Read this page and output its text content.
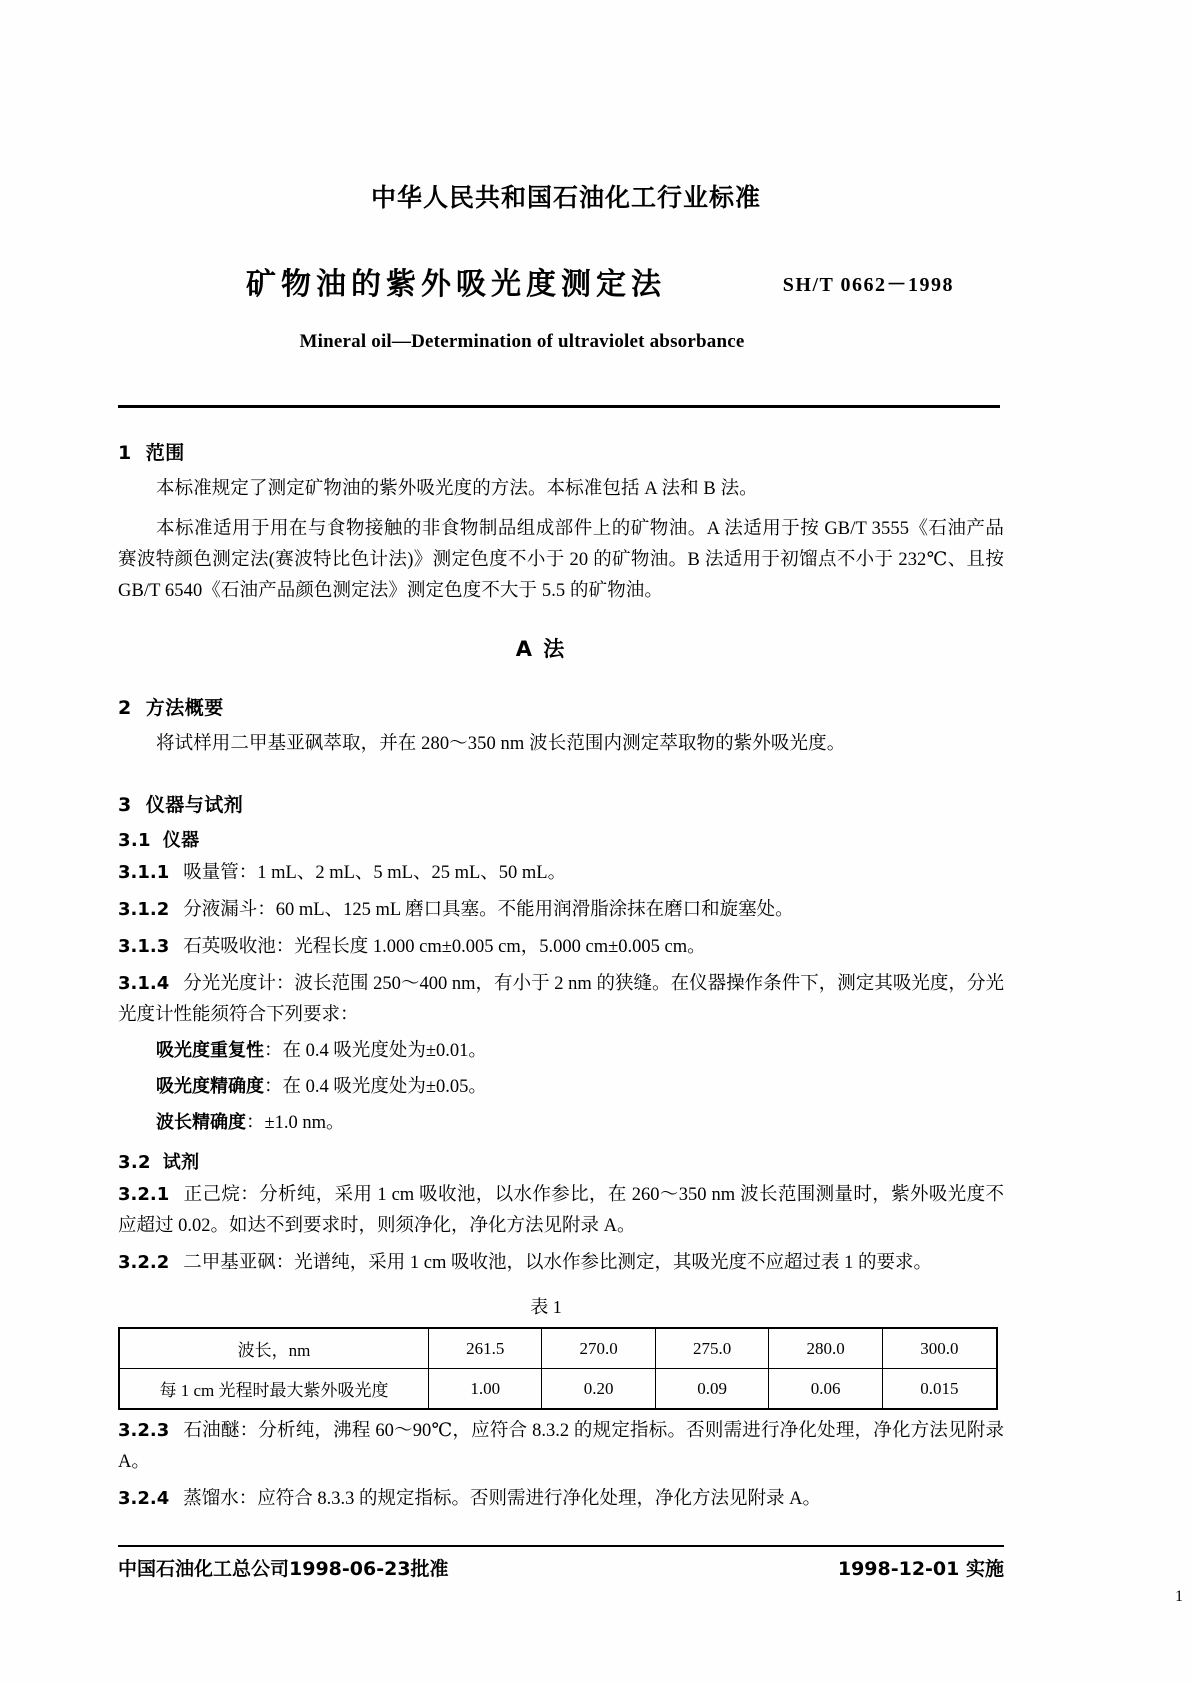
中华人民共和国石油化工行业标准
矿物油的紫外吸光度测定法	SH/T 0662－1998
Mineral oil—Determination of ultraviolet absorbance
1 范围
本标准规定了测定矿物油的紫外吸光度的方法。本标准包括 A 法和 B 法。
本标准适用于用在与食物接触的非食物制品组成部件上的矿物油。A 法适用于按 GB/T 3555《石油产品赛波特颜色测定法(赛波特比色计法)》测定色度不小于 20 的矿物油。B 法适用于初馏点不小于 232℃、且按 GB/T 6540《石油产品颜色测定法》测定色度不大于 5.5 的矿物油。
A 法
2 方法概要
将试样用二甲基亚砜萃取，并在 280～350 nm 波长范围内测定萃取物的紫外吸光度。
3 仪器与试剂
3.1 仪器
3.1.1 吸量管：1 mL、2 mL、5 mL、25 mL、50 mL。
3.1.2 分液漏斗：60 mL、125 mL 磨口具塞。不能用润滑脂涂抹在磨口和旋塞处。
3.1.3 石英吸收池：光程长度 1.000 cm±0.005 cm，5.000 cm±0.005 cm。
3.1.4 分光光度计：波长范围 250～400 nm，有小于 2 nm 的狭缝。在仪器操作条件下，测定其吸光度，分光光度计性能须符合下列要求：
吸光度重复性：在 0.4 吸光度处为±0.01。
吸光度精确度：在 0.4 吸光度处为±0.05。
波长精确度：±1.0 nm。
3.2 试剂
3.2.1 正己烷：分析纯，采用 1 cm 吸收池，以水作参比，在 260～350 nm 波长范围测量时，紫外吸光度不应超过 0.02。如达不到要求时，则须净化，净化方法见附录 A。
3.2.2 二甲基亚砜：光谱纯，采用 1 cm 吸收池，以水作参比测定，其吸光度不应超过表 1 的要求。
表 1
波长，nm	261.5	270.0	275.0	280.0	300.0
每 1 cm 光程时最大紫外吸光度	1.00	0.20	0.09	0.06	0.015
3.2.3 石油醚：分析纯，沸程 60～90℃，应符合 8.3.2 的规定指标。否则需进行净化处理，净化方法见附录 A。
3.2.4 蒸馏水：应符合 8.3.3 的规定指标。否则需进行净化处理，净化方法见附录 A。
中国石油化工总公司1998-06-23批准	1998-12-01 实施
1
